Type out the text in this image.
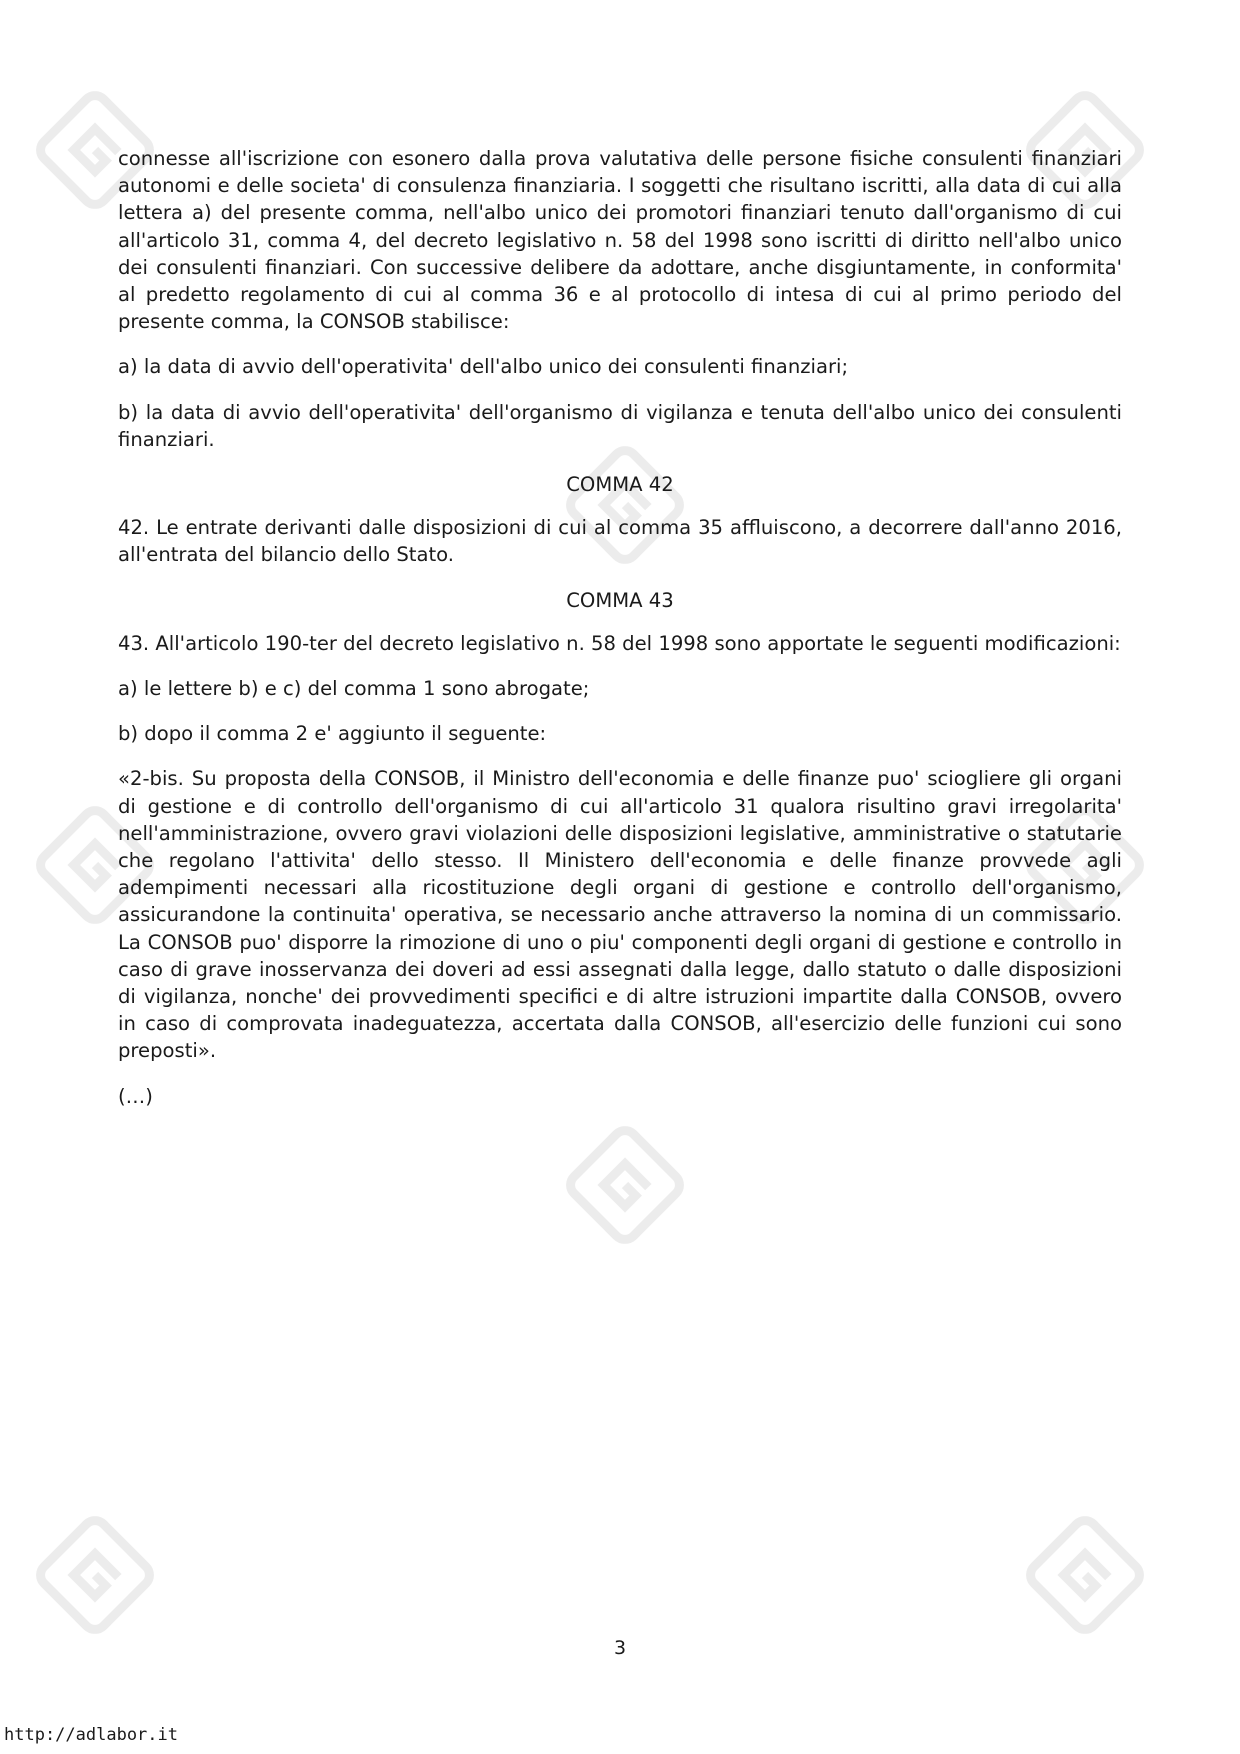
connesse all'iscrizione con esonero dalla prova valutativa delle persone fisiche consulenti finanziari autonomi e delle societa' di consulenza finanziaria. I soggetti che risultano iscritti, alla data di cui alla lettera a) del presente comma, nell'albo unico dei promotori finanziari tenuto dall'organismo di cui all'articolo 31, comma 4, del decreto legislativo n. 58 del 1998 sono iscritti di diritto nell'albo unico dei consulenti finanziari. Con successive delibere da adottare, anche disgiuntamente, in conformita' al predetto regolamento di cui al comma 36 e al protocollo di intesa di cui al primo periodo del presente comma, la CONSOB stabilisce:

a) la data di avvio dell'operativita' dell'albo unico dei consulenti finanziari;

b) la data di avvio dell'operativita' dell'organismo di vigilanza e tenuta dell'albo unico dei consulenti finanziari.

COMMA 42

42. Le entrate derivanti dalle disposizioni di cui al comma 35 affluiscono, a decorrere dall'anno 2016, all'entrata del bilancio dello Stato.

COMMA 43

43. All'articolo 190-ter del decreto legislativo n. 58 del 1998 sono apportate le seguenti modificazioni:

a) le lettere b) e c) del comma 1 sono abrogate;

b) dopo il comma 2 e' aggiunto il seguente:

«2-bis. Su proposta della CONSOB, il Ministro dell'economia e delle finanze puo' sciogliere gli organi di gestione e di controllo dell'organismo di cui all'articolo 31 qualora risultino gravi irregolarita' nell'amministrazione, ovvero gravi violazioni delle disposizioni legislative, amministrative o statutarie che regolano l'attivita' dello stesso. Il Ministero dell'economia e delle finanze provvede agli adempimenti necessari alla ricostituzione degli organi di gestione e controllo dell'organismo, assicurandone la continuita' operativa, se necessario anche attraverso la nomina di un commissario. La CONSOB puo' disporre la rimozione di uno o piu' componenti degli organi di gestione e controllo in caso di grave inosservanza dei doveri ad essi assegnati dalla legge, dallo statuto o dalle disposizioni di vigilanza, nonche' dei provvedimenti specifici e di altre istruzioni impartite dalla CONSOB, ovvero in caso di comprovata inadeguatezza, accertata dalla CONSOB, all'esercizio delle funzioni cui sono preposti».

(…)

3
http://adlabor.it
